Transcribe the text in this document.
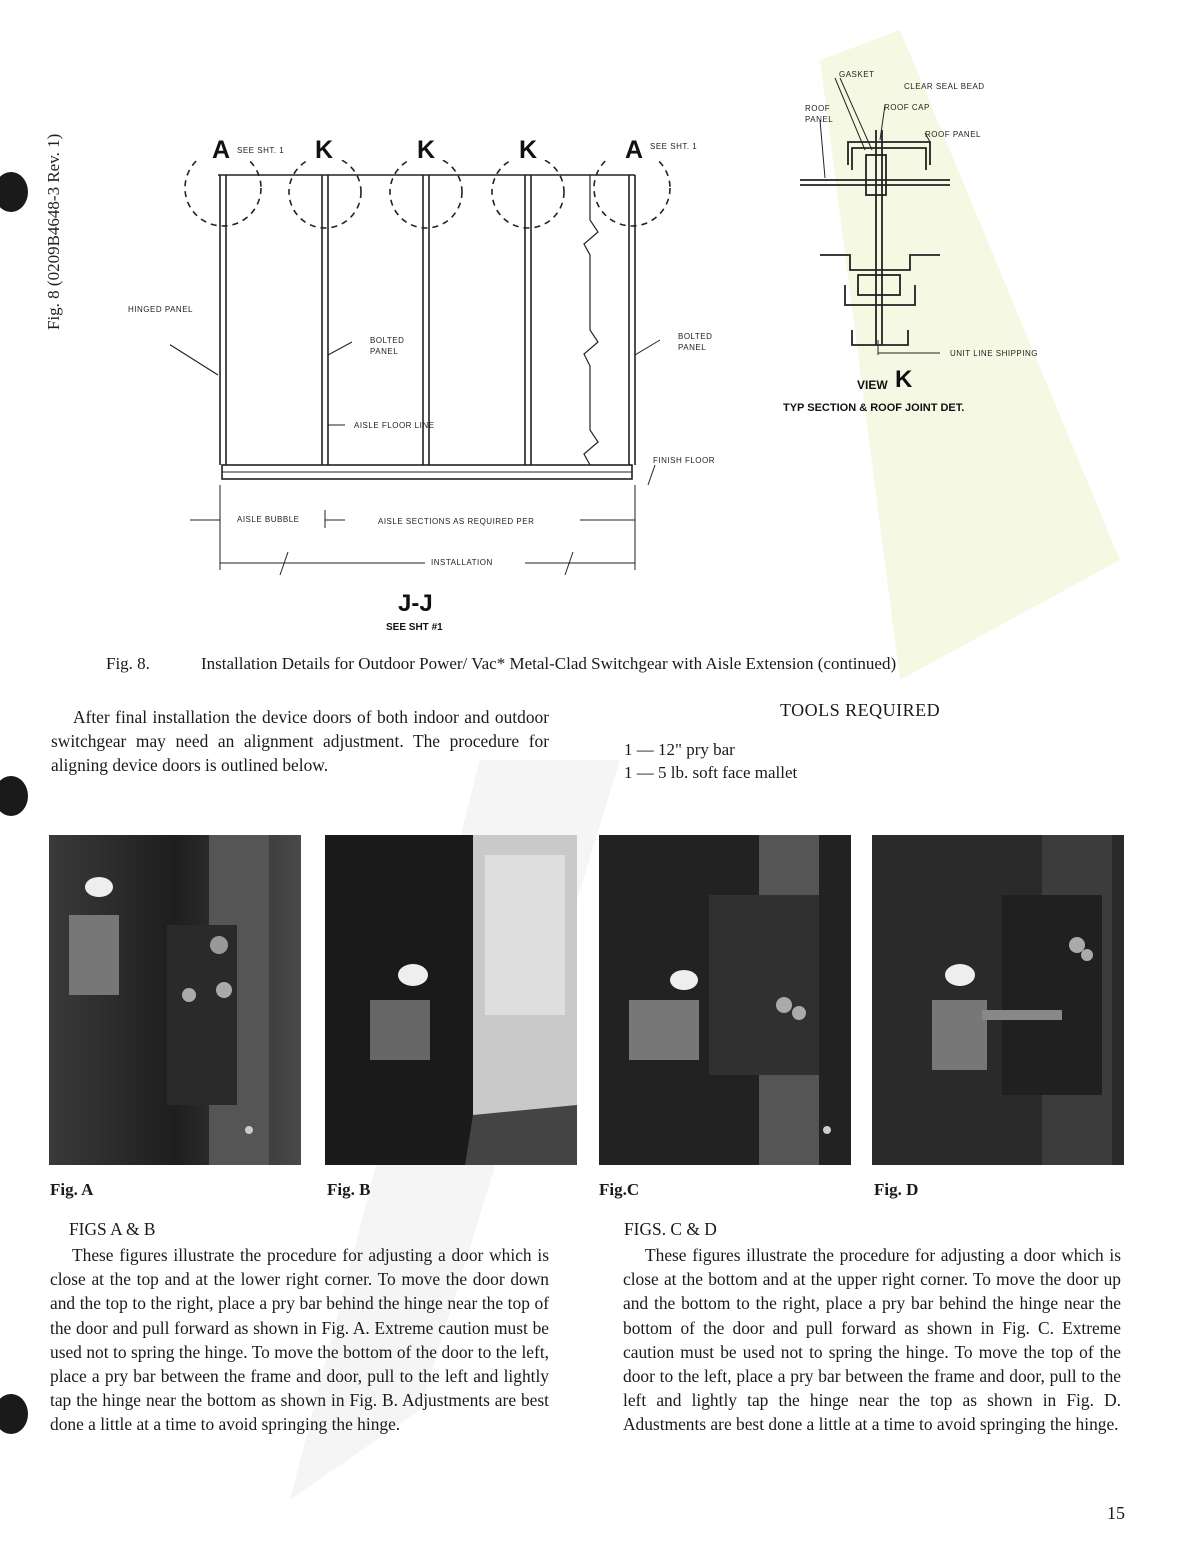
Fig. 8 (0209B4648-3 Rev. 1)	A SEE SHT. 1 K	K	K	A SEE SHT. 1
HINGED PANEL
BOLTED
PANEL
BOLTED
PANEL
AISLE FLOOR LINE
FINISH FLOOR
AISLE BUBBLE	AISLE SECTIONS AS REQUIRED PER
INSTALLATION
J-J
SEE SHT #1
GASKET
CLEAR SEAL BEAD
ROOF
PANEL
ROOF CAP
ROOF PANEL
UNIT LINE SHIPPING
VIEW K
TYP SECTION & ROOF JOINT DET.
Fig. 8.	Installation Details for Outdoor Power/ Vac* Metal-Clad Switchgear with Aisle Extension (continued)

After final installation the device doors of both indoor and outdoor switchgear may need an alignment adjustment. The procedure for aligning device doors is outlined below.

TOOLS REQUIRED
1 — 12" pry bar
1 — 5 lb. soft face mallet
Fig. A	Fig. B	Fig.C	Fig. D
FIGS A & B

These figures illustrate the procedure for adjusting a door which is close at the top and at the lower right corner. To move the door down and the top to the right, place a pry bar behind the hinge near the top of the door and pull forward as shown in Fig. A. Extreme caution must be used not to spring the hinge. To move the bottom of the door to the left, place a pry bar between the frame and door, pull to the left and lightly tap the hinge near the bottom as shown in Fig. B. Adjustments are best done a little at a time to avoid springing the hinge.

FIGS. C & D

These figures illustrate the procedure for adjusting a door which is close at the bottom and at the upper right corner. To move the door up and the bottom to the right, place a pry bar behind the hinge near the bottom of the door and pull forward as shown in Fig. C. Extreme caution must be used not to spring the hinge. To move the top of the door to the left, place a pry bar between the frame and door, pull to the left and lightly tap the hinge near the top as shown in Fig. D. Adustments are best done a little at a time to avoid springing the hinge.

15
